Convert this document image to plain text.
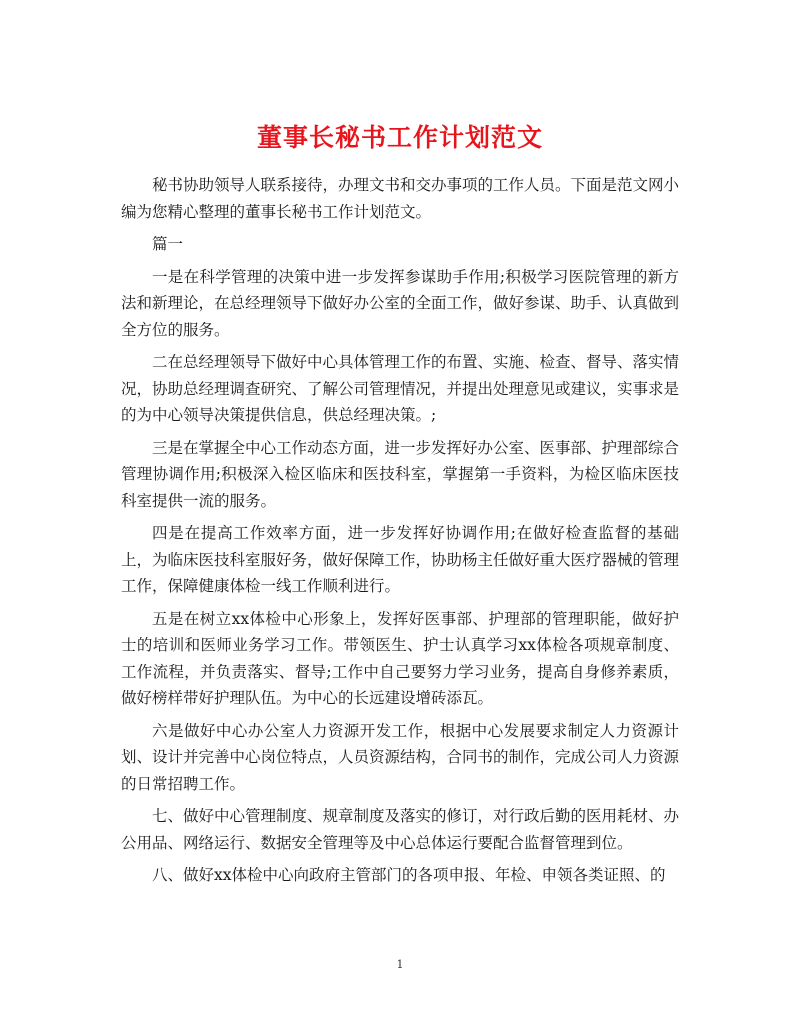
董事长秘书工作计划范文

秘书协助领导人联系接待，办理文书和交办事项的工作人员。下面是范文网小编为您精心整理的董事长秘书工作计划范文。

篇一

一是在科学管理的决策中进一步发挥参谋助手作用;积极学习医院管理的新方法和新理论，在总经理领导下做好办公室的全面工作，做好参谋、助手、认真做到全方位的服务。

二在总经理领导下做好中心具体管理工作的布置、实施、检查、督导、落实情况，协助总经理调查研究、了解公司管理情况，并提出处理意见或建议，实事求是的为中心领导决策提供信息，供总经理决策。;

三是在掌握全中心工作动态方面，进一步发挥好办公室、医事部、护理部综合管理协调作用;积极深入检区临床和医技科室，掌握第一手资料，为检区临床医技科室提供一流的服务。

四是在提高工作效率方面，进一步发挥好协调作用;在做好检查监督的基础上，为临床医技科室服好务，做好保障工作，协助杨主任做好重大医疗器械的管理工作，保障健康体检一线工作顺利进行。

五是在树立xx体检中心形象上，发挥好医事部、护理部的管理职能，做好护士的培训和医师业务学习工作。带领医生、护士认真学习xx体检各项规章制度、工作流程，并负责落实、督导;工作中自己要努力学习业务，提高自身修养素质，做好榜样带好护理队伍。为中心的长远建设增砖添瓦。

六是做好中心办公室人力资源开发工作，根据中心发展要求制定人力资源计划、设计并完善中心岗位特点，人员资源结构，合同书的制作，完成公司人力资源的日常招聘工作。

七、做好中心管理制度、规章制度及落实的修订，对行政后勤的医用耗材、办公用品、网络运行、数据安全管理等及中心总体运行要配合监督管理到位。

八、做好xx体检中心向政府主管部门的各项申报、年检、申领各类证照、的

1
